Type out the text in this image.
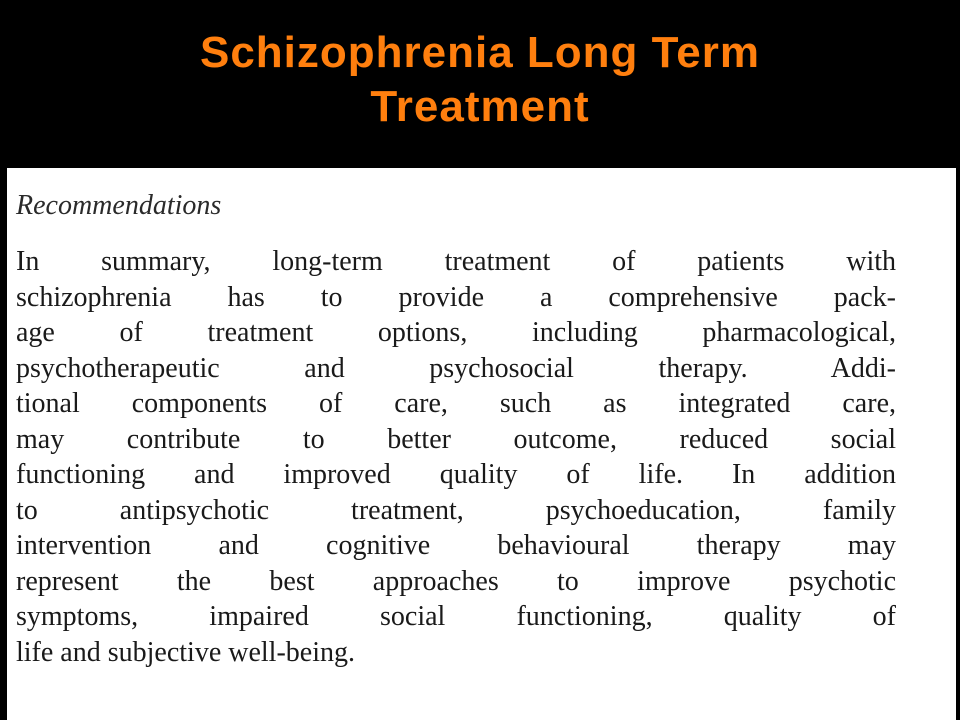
Schizophrenia Long Term
Treatment
Recommendations
In summary, long-term treatment of patients with
schizophrenia has to provide a comprehensive pack-
age of treatment options, including pharmacological,
psychotherapeutic and psychosocial therapy. Addi-
tional components of care, such as integrated care,
may contribute to better outcome, reduced social
functioning and improved quality of life. In addition
to antipsychotic treatment, psychoeducation, family
intervention and cognitive behavioural therapy may
represent the best approaches to improve psychotic
symptoms, impaired social functioning, quality of
life and subjective well-being.
